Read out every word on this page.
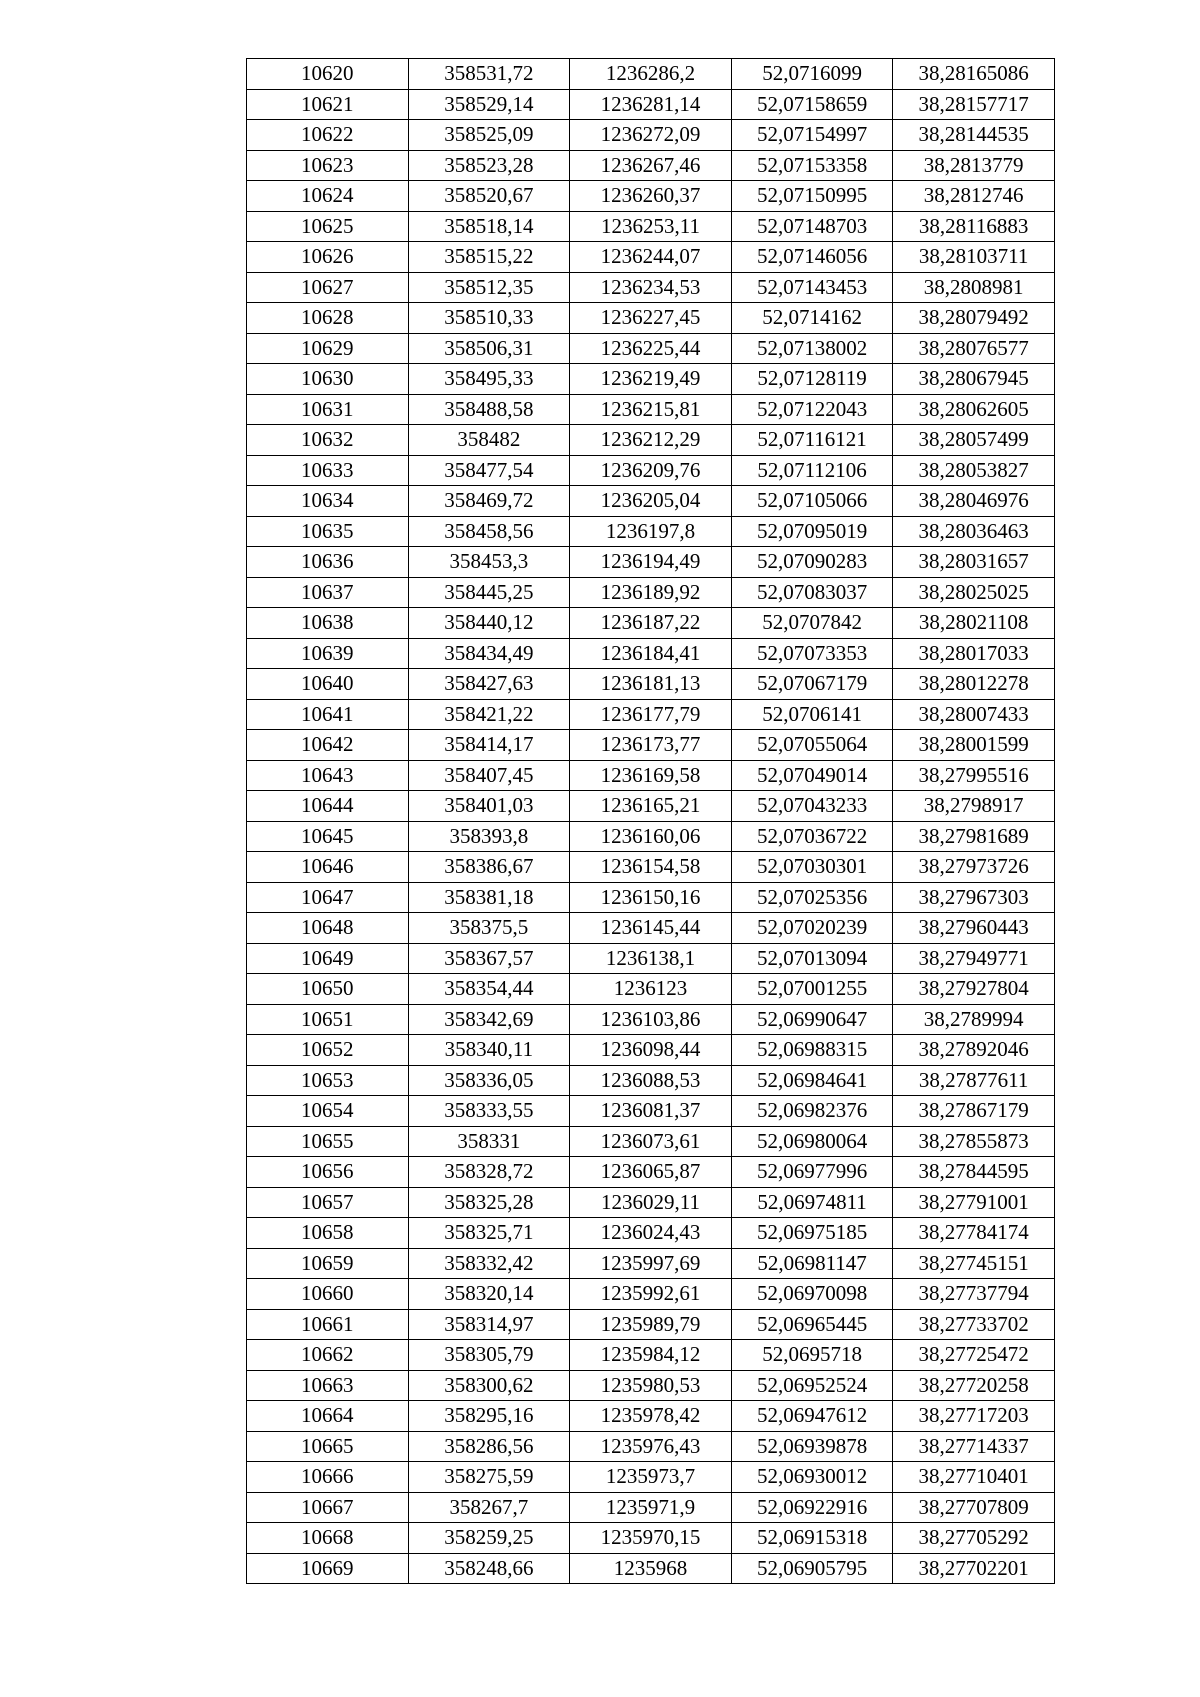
10620	358531,72	1236286,2	52,0716099	38,28165086
10621	358529,14	1236281,14	52,07158659	38,28157717
10622	358525,09	1236272,09	52,07154997	38,28144535
10623	358523,28	1236267,46	52,07153358	38,2813779
10624	358520,67	1236260,37	52,07150995	38,2812746
10625	358518,14	1236253,11	52,07148703	38,28116883
10626	358515,22	1236244,07	52,07146056	38,28103711
10627	358512,35	1236234,53	52,07143453	38,2808981
10628	358510,33	1236227,45	52,0714162	38,28079492
10629	358506,31	1236225,44	52,07138002	38,28076577
10630	358495,33	1236219,49	52,07128119	38,28067945
10631	358488,58	1236215,81	52,07122043	38,28062605
10632	358482	1236212,29	52,07116121	38,28057499
10633	358477,54	1236209,76	52,07112106	38,28053827
10634	358469,72	1236205,04	52,07105066	38,28046976
10635	358458,56	1236197,8	52,07095019	38,28036463
10636	358453,3	1236194,49	52,07090283	38,28031657
10637	358445,25	1236189,92	52,07083037	38,28025025
10638	358440,12	1236187,22	52,0707842	38,28021108
10639	358434,49	1236184,41	52,07073353	38,28017033
10640	358427,63	1236181,13	52,07067179	38,28012278
10641	358421,22	1236177,79	52,0706141	38,28007433
10642	358414,17	1236173,77	52,07055064	38,28001599
10643	358407,45	1236169,58	52,07049014	38,27995516
10644	358401,03	1236165,21	52,07043233	38,2798917
10645	358393,8	1236160,06	52,07036722	38,27981689
10646	358386,67	1236154,58	52,07030301	38,27973726
10647	358381,18	1236150,16	52,07025356	38,27967303
10648	358375,5	1236145,44	52,07020239	38,27960443
10649	358367,57	1236138,1	52,07013094	38,27949771
10650	358354,44	1236123	52,07001255	38,27927804
10651	358342,69	1236103,86	52,06990647	38,2789994
10652	358340,11	1236098,44	52,06988315	38,27892046
10653	358336,05	1236088,53	52,06984641	38,27877611
10654	358333,55	1236081,37	52,06982376	38,27867179
10655	358331	1236073,61	52,06980064	38,27855873
10656	358328,72	1236065,87	52,06977996	38,27844595
10657	358325,28	1236029,11	52,06974811	38,27791001
10658	358325,71	1236024,43	52,06975185	38,27784174
10659	358332,42	1235997,69	52,06981147	38,27745151
10660	358320,14	1235992,61	52,06970098	38,27737794
10661	358314,97	1235989,79	52,06965445	38,27733702
10662	358305,79	1235984,12	52,0695718	38,27725472
10663	358300,62	1235980,53	52,06952524	38,27720258
10664	358295,16	1235978,42	52,06947612	38,27717203
10665	358286,56	1235976,43	52,06939878	38,27714337
10666	358275,59	1235973,7	52,06930012	38,27710401
10667	358267,7	1235971,9	52,06922916	38,27707809
10668	358259,25	1235970,15	52,06915318	38,27705292
10669	358248,66	1235968	52,06905795	38,27702201
